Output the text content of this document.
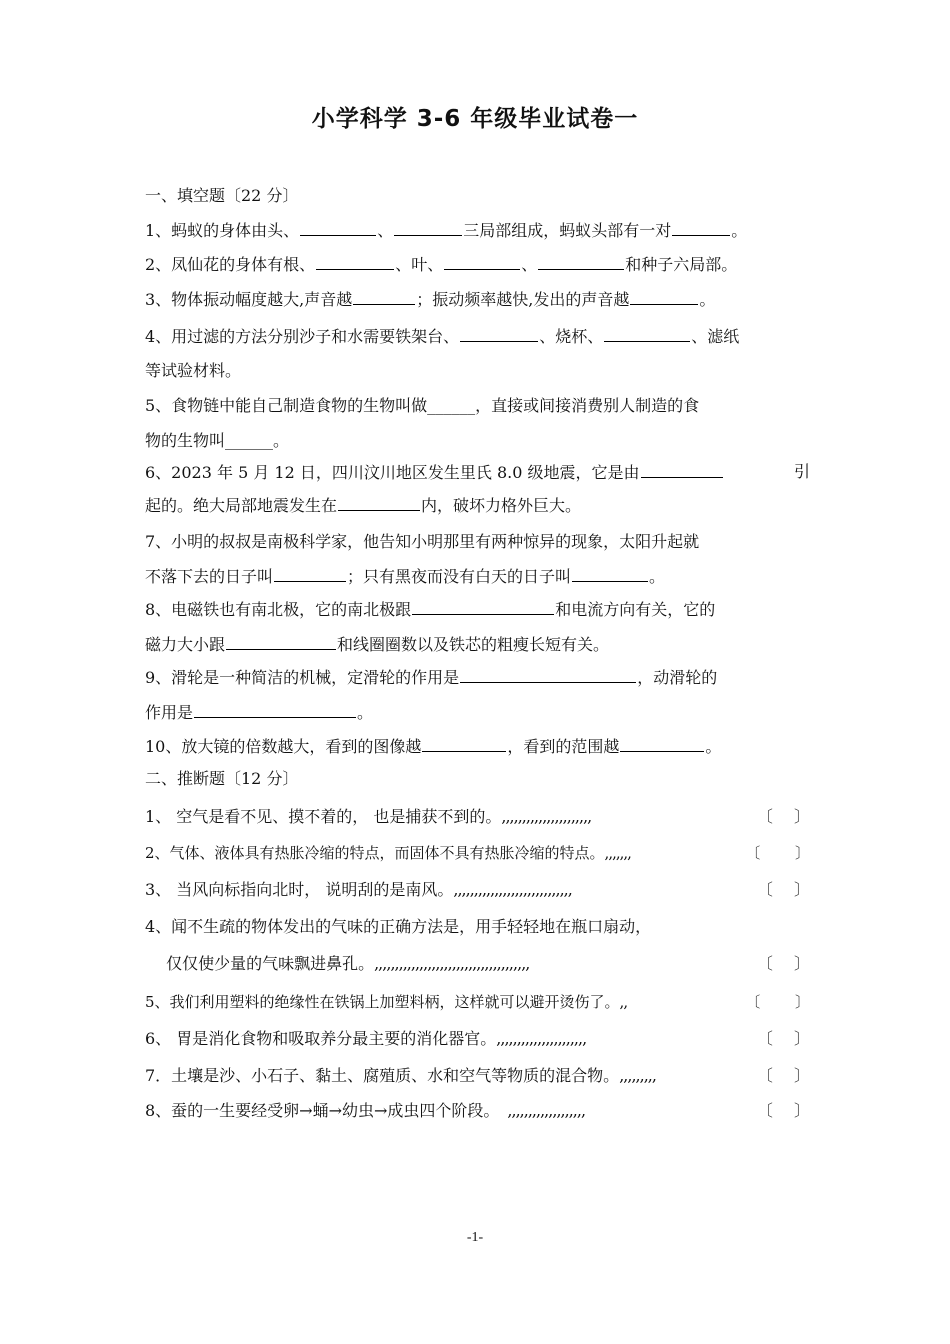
小学科学 3-6 年级毕业试卷一
一、填空题〔22 分〕
1、蚂蚁的身体由头、	、	三局部组成，蚂蚁头部有一对	。
2、凤仙花的身体有根、	、叶、	、	和种子六局部。
3、物体振动幅度越大,声音越	；振动频率越快,发出的声音越	。
4、用过滤的方法分别沙子和水需要铁架台、	、烧杯、	、滤纸
等试验材料。
5、食物链中能自己制造食物的生物叫做______，直接或间接消费别人制造的食
物的生物叫______。
6、2023 年 5 月 12 日，四川汶川地区发生里氏 8.0 级地震，它是由	引
起的。绝大局部地震发生在	内，破坏力格外巨大。
7、小明的叔叔是南极科学家，他告知小明那里有两种惊异的现象，太阳升起就
不落下去的日子叫	；只有黑夜而没有白天的日子叫	。
8、电磁铁也有南北极，它的南北极跟	和电流方向有关，它的
磁力大小跟	和线圈圈数以及铁芯的粗瘦长短有关。
9、滑轮是一种简洁的机械，定滑轮的作用是	，动滑轮的
作用是	。
10、放大镜的倍数越大，看到的图像越	，看到的范围越	。
二、推断题〔12 分〕
1、 空气是看不见、摸不着的， 也是捕获不到的。,,,,,,,,,,,,,,,,,,,,,,	〔　 〕
2、气体、液体具有热胀冷缩的特点，而固体不具有热胀冷缩的特点。,,,,,,,	〔　 　〕
3、 当风向标指向北时， 说明刮的是南风。,,,,,,,,,,,,,,,,,,,,,,,,,,,,,	〔　 〕
4、闻不生疏的物体发出的气味的正确方法是，用手轻轻地在瓶口扇动，
　 仅仅使少量的气味飘进鼻孔。,,,,,,,,,,,,,,,,,,,,,,,,,,,,,,,,,,,,,,	〔　 〕
5、我们利用塑料的绝缘性在铁锅上加塑料柄，这样就可以避开烫伤了。,,	〔　 　〕
6、 胃是消化食物和吸取养分最主要的消化器官。,,,,,,,,,,,,,,,,,,,,,,	〔　 〕
7．土壤是沙、小石子、黏土、腐殖质、水和空气等物质的混合物。,,,,,,,,,	〔　 〕
8、蚕的一生要经受卵→蛹→幼虫→成虫四个阶段。　,,,,,,,,,,,,,,,,,,,	〔　 〕
-1-
